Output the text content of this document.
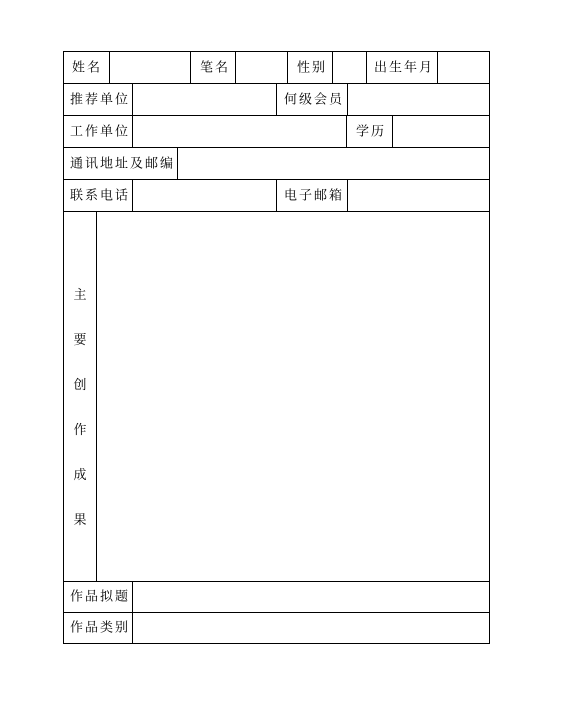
姓名	笔名	性别	出生年月
推荐单位	何级会员
工作单位	学历
通讯地址及邮编
联系电话	电子邮箱
主
要
创
作
成
果
作品拟题
作品类别
